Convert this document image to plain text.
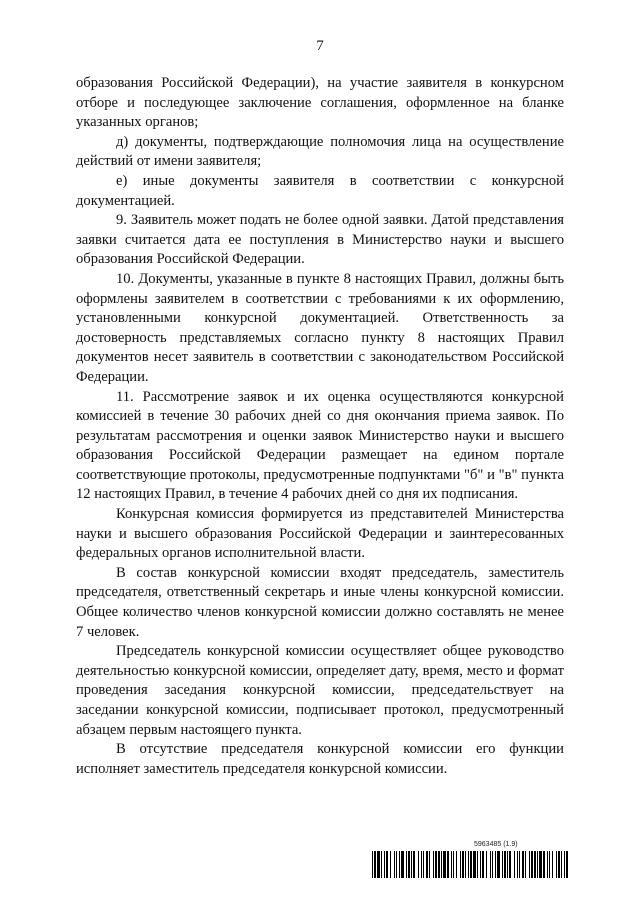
7

образования Российской Федерации), на участие заявителя в конкурсном отборе и последующее заключение соглашения, оформленное на бланке указанных органов;

д) документы, подтверждающие полномочия лица на осуществление действий от имени заявителя;

е) иные документы заявителя в соответствии с конкурсной документацией.

9. Заявитель может подать не более одной заявки. Датой представления заявки считается дата ее поступления в Министерство науки и высшего образования Российской Федерации.

10. Документы, указанные в пункте 8 настоящих Правил, должны быть оформлены заявителем в соответствии с требованиями к их оформлению, установленными конкурсной документацией. Ответственность за достоверность представляемых согласно пункту 8 настоящих Правил документов несет заявитель в соответствии с законодательством Российской Федерации.

11. Рассмотрение заявок и их оценка осуществляются конкурсной комиссией в течение 30 рабочих дней со дня окончания приема заявок. По результатам рассмотрения и оценки заявок Министерство науки и высшего образования Российской Федерации размещает на едином портале соответствующие протоколы, предусмотренные подпунктами "б" и "в" пункта 12 настоящих Правил, в течение 4 рабочих дней со дня их подписания.

Конкурсная комиссия формируется из представителей Министерства науки и высшего образования Российской Федерации и заинтересованных федеральных органов исполнительной власти.

В состав конкурсной комиссии входят председатель, заместитель председателя, ответственный секретарь и иные члены конкурсной комиссии. Общее количество членов конкурсной комиссии должно составлять не менее 7 человек.

Председатель конкурсной комиссии осуществляет общее руководство деятельностью конкурсной комиссии, определяет дату, время, место и формат проведения заседания конкурсной комиссии, председательствует на заседании конкурсной комиссии, подписывает протокол, предусмотренный абзацем первым настоящего пункта.

В отсутствие председателя конкурсной комиссии его функции исполняет заместитель председателя конкурсной комиссии.

5963485 (1.9)
